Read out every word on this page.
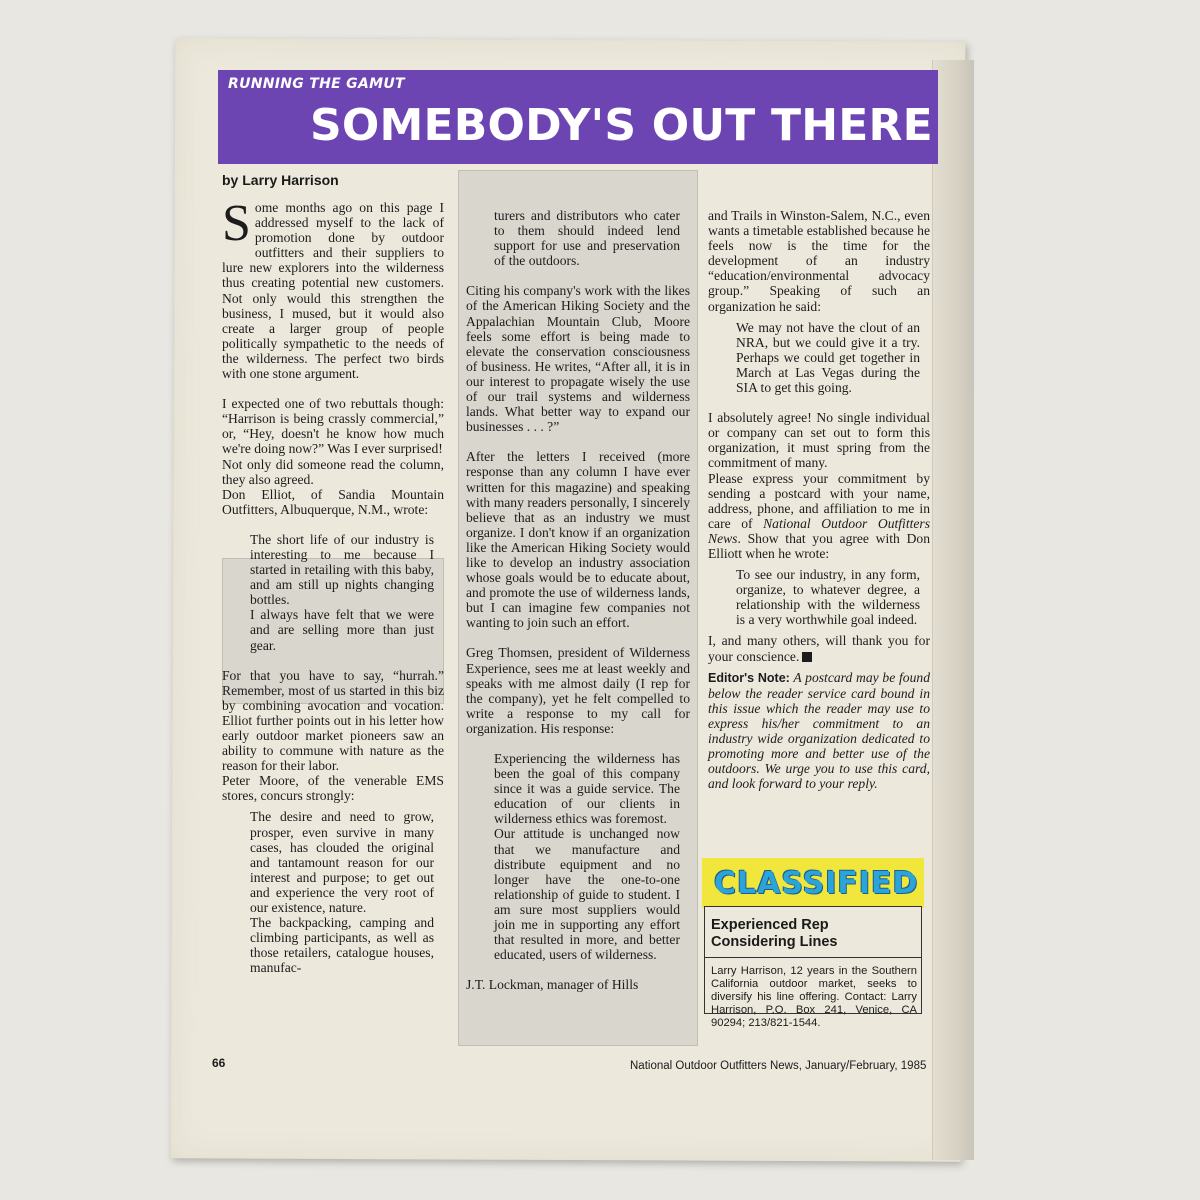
RUNNING THE GAMUT
SOMEBODY'S OUT THERE
by Larry Harrison

Some months ago on this page I addressed myself to the lack of promotion done by outdoor outfitters and their suppliers to lure new explorers into the wilderness thus creating potential new customers. Not only would this strengthen the business, I mused, but it would also create a larger group of people politically sympathetic to the needs of the wilderness. The perfect two birds with one stone argument.

I expected one of two rebuttals though: “Harrison is being crassly commercial,” or, “Hey, doesn't he know how much we're doing now?” Was I ever surprised!

Not only did someone read the column, they also agreed.

Don Elliot, of Sandia Mountain Outfitters, Albuquerque, N.M., wrote:

The short life of our industry is interesting to me because I started in retailing with this baby, and am still up nights changing bottles.

I always have felt that we were and are selling more than just gear.

For that you have to say, “hurrah.” Remember, most of us started in this biz by combining avocation and vocation. Elliot further points out in his letter how early outdoor market pioneers saw an ability to commune with nature as the reason for their labor.

Peter Moore, of the venerable EMS stores, concurs strongly:

The desire and need to grow, prosper, even survive in many cases, has clouded the original and tantamount reason for our interest and purpose; to get out and experience the very root of our existence, nature.

The backpacking, camping and climbing participants, as well as those retailers, catalogue houses, manufac-

turers and distributors who cater to them should indeed lend support for use and preservation of the outdoors.

Citing his company's work with the likes of the American Hiking Society and the Appalachian Mountain Club, Moore feels some effort is being made to elevate the conservation consciousness of business. He writes, “After all, it is in our interest to propagate wisely the use of our trail systems and wilderness lands. What better way to expand our businesses . . . ?”

After the letters I received (more response than any column I have ever written for this magazine) and speaking with many readers personally, I sincerely believe that as an industry we must organize. I don't know if an organization like the American Hiking Society would like to develop an industry association whose goals would be to educate about, and promote the use of wilderness lands, but I can imagine few companies not wanting to join such an effort.

Greg Thomsen, president of Wilderness Experience, sees me at least weekly and speaks with me almost daily (I rep for the company), yet he felt compelled to write a response to my call for organization. His response:

Experiencing the wilderness has been the goal of this company since it was a guide service. The education of our clients in wilderness ethics was foremost.

Our attitude is unchanged now that we manufacture and distribute equipment and no longer have the one-to-one relationship of guide to student. I am sure most suppliers would join me in supporting any effort that resulted in more, and better educated, users of wilderness.

J.T. Lockman, manager of Hills

and Trails in Winston-Salem, N.C., even wants a timetable established because he feels now is the time for the development of an industry “education/environmental advocacy group.” Speaking of such an organization he said:

We may not have the clout of an NRA, but we could give it a try. Perhaps we could get together in March at Las Vegas during the SIA to get this going.

I absolutely agree! No single individual or company can set out to form this organization, it must spring from the commitment of many.

Please express your commitment by sending a postcard with your name, address, phone, and affiliation to me in care of National Outdoor Outfitters News. Show that you agree with Don Elliott when he wrote:

To see our industry, in any form, organize, to whatever degree, a relationship with the wilderness is a very worthwhile goal indeed.

I, and many others, will thank you for your conscience.

Editor's Note: A postcard may be found below the reader service card bound in this issue which the reader may use to express his/her commitment to an industry wide organization dedicated to promoting more and better use of the outdoors. We urge you to use this card, and look forward to your reply.

CLASSIFIED
Experienced Rep
Considering Lines
Larry Harrison, 12 years in the Southern California outdoor market, seeks to diversify his line offering. Contact: Larry Harrison, P.O. Box 241, Venice, CA 90294; 213/821-1544.
66	National Outdoor Outfitters News, January/February, 1985
